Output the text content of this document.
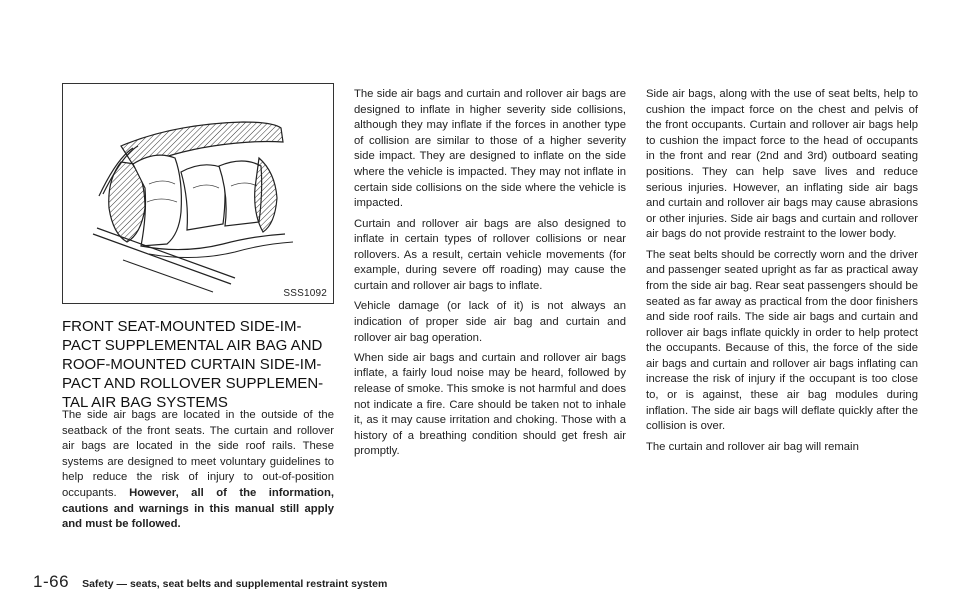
SSS1092
FRONT SEAT-MOUNTED SIDE-IM-
PACT SUPPLEMENTAL AIR BAG AND
ROOF-MOUNTED CURTAIN SIDE-IM-
PACT AND ROLLOVER SUPPLEMEN-
TAL AIR BAG SYSTEMS

The side air bags are located in the outside of the seatback of the front seats. The curtain and rollover air bags are located in the side roof rails. These systems are designed to meet voluntary guidelines to help reduce the risk of injury to out-of-position occupants. However, all of the information, cautions and warnings in this manual still apply and must be followed.

The side air bags and curtain and rollover air bags are designed to inflate in higher severity side collisions, although they may inflate if the forces in another type of collision are similar to those of a higher severity side impact. They are designed to inflate on the side where the vehicle is impacted. They may not inflate in certain side collisions on the side where the vehicle is impacted.

Curtain and rollover air bags are also designed to inflate in certain types of rollover collisions or near rollovers. As a result, certain vehicle movements (for example, during severe off roading) may cause the curtain and rollover air bags to inflate.

Vehicle damage (or lack of it) is not always an indication of proper side air bag and curtain and rollover air bag operation.

When side air bags and curtain and rollover air bags inflate, a fairly loud noise may be heard, followed by release of smoke. This smoke is not harmful and does not indicate a fire. Care should be taken not to inhale it, as it may cause irritation and choking. Those with a history of a breathing condition should get fresh air promptly.

Side air bags, along with the use of seat belts, help to cushion the impact force on the chest and pelvis of the front occupants. Curtain and rollover air bags help to cushion the impact force to the head of occupants in the front and rear (2nd and 3rd) outboard seating positions. They can help save lives and reduce serious injuries. However, an inflating side air bags and curtain and rollover air bags may cause abrasions or other injuries. Side air bags and curtain and rollover air bags do not provide restraint to the lower body.

The seat belts should be correctly worn and the driver and passenger seated upright as far as practical away from the side air bag. Rear seat passengers should be seated as far away as practical from the door finishers and side roof rails. The side air bags and curtain and rollover air bags inflate quickly in order to help protect the occupants. Because of this, the force of the side air bags and curtain and rollover air bags inflating can increase the risk of injury if the occupant is too close to, or is against, these air bag modules during inflation. The side air bags will deflate quickly after the collision is over.

The curtain and rollover air bag will remain

1-66 Safety — seats, seat belts and supplemental restraint system
